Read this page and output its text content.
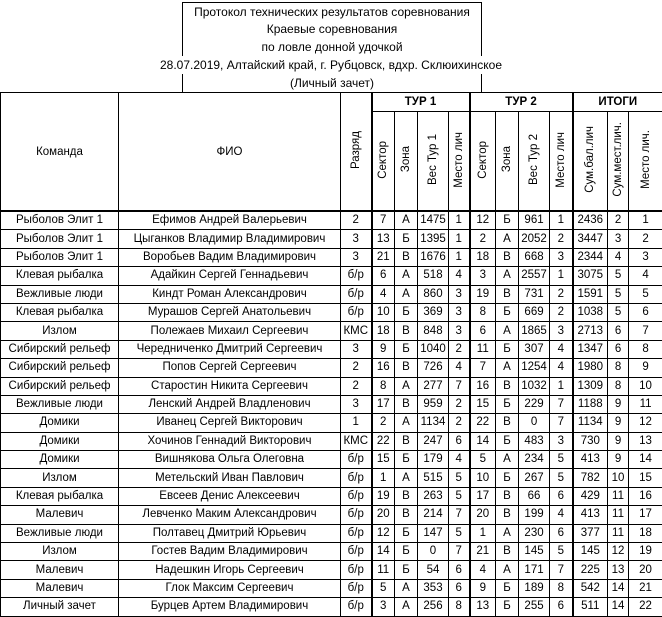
Протокол технических результатов соревнования
Краевые соревнования
по ловле донной удочкой
28.07.2019, Алтайский край, г. Рубцовск, вдхр. Склюихинское
(Личный зачет)
Команда	ФИО	Разряд	ТУР 1				ТУР 2				ИТОГИ		
			Сектор	Зона	Вес Тур 1	Место лич	Сектор	Зона	Вес Тур 2	Место лич	Сум.бал.лич	Сум.мест.лич.	Место лич.
Рыболов Элит 1	Ефимов Андрей Валерьевич	2	7	А	1475	1	12	Б	961	1	2436	2	1
Рыболов Элит 1	Цыганков Владимир Владимирович	3	13	Б	1395	1	2	А	2052	2	3447	3	2
Рыболов Элит 1	Воробьев Вадим Владимирович	3	21	В	1676	1	18	В	668	3	2344	4	3
Клевая рыбалка	Адайкин Сергей Геннадьевич	б/р	6	А	518	4	3	А	2557	1	3075	5	4
Вежливые люди	Киндт Роман Александрович	б/р	4	А	860	3	19	В	731	2	1591	5	5
Клевая рыбалка	Мурашов Сергей Анатольевич	б/р	10	Б	369	3	8	Б	669	2	1038	5	6
Излом	Полежаев Михаил Сергеевич	КМС	18	В	848	3	6	А	1865	3	2713	6	7
Сибирский рельеф	Чередниченко Дмитрий Сергеевич	3	9	Б	1040	2	11	Б	307	4	1347	6	8
Сибирский рельеф	Попов Сергей Сергеевич	2	16	В	726	4	7	А	1254	4	1980	8	9
Сибирский рельеф	Старостин Никита Сергеевич	2	8	А	277	7	16	В	1032	1	1309	8	10
Вежливые люди	Ленский Андрей Владленович	3	17	В	959	2	15	Б	229	7	1188	9	11
Домики	Иванец Сергей Викторович	1	2	А	1134	2	22	В	0	7	1134	9	12
Домики	Хочинов Геннадий Викторович	КМС	22	В	247	6	14	Б	483	3	730	9	13
Домики	Вишнякова Ольга Олеговна	б/р	15	Б	179	4	5	А	234	5	413	9	14
Излом	Метельский Иван Павлович	б/р	1	А	515	5	10	Б	267	5	782	10	15
Клевая рыбалка	Евсеев Денис Алексеевич	б/р	19	В	263	5	17	В	66	6	429	11	16
Малевич	Левченко Маким Александрович	б/р	20	В	214	7	20	В	199	4	413	11	17
Вежливые люди	Полтавец Дмитрий Юрьевич	б/р	12	Б	147	5	1	А	230	6	377	11	18
Излом	Гостев Вадим Владимирович	б/р	14	Б	0	7	21	В	145	5	145	12	19
Малевич	Надешкин Игорь Сергеевич	б/р	11	Б	54	6	4	А	171	7	225	13	20
Малевич	Глок Максим Сергеевич	б/р	5	А	353	6	9	Б	189	8	542	14	21
Личный зачет	Бурцев Артем Владимирович	б/р	3	А	256	8	13	Б	255	6	511	14	22
